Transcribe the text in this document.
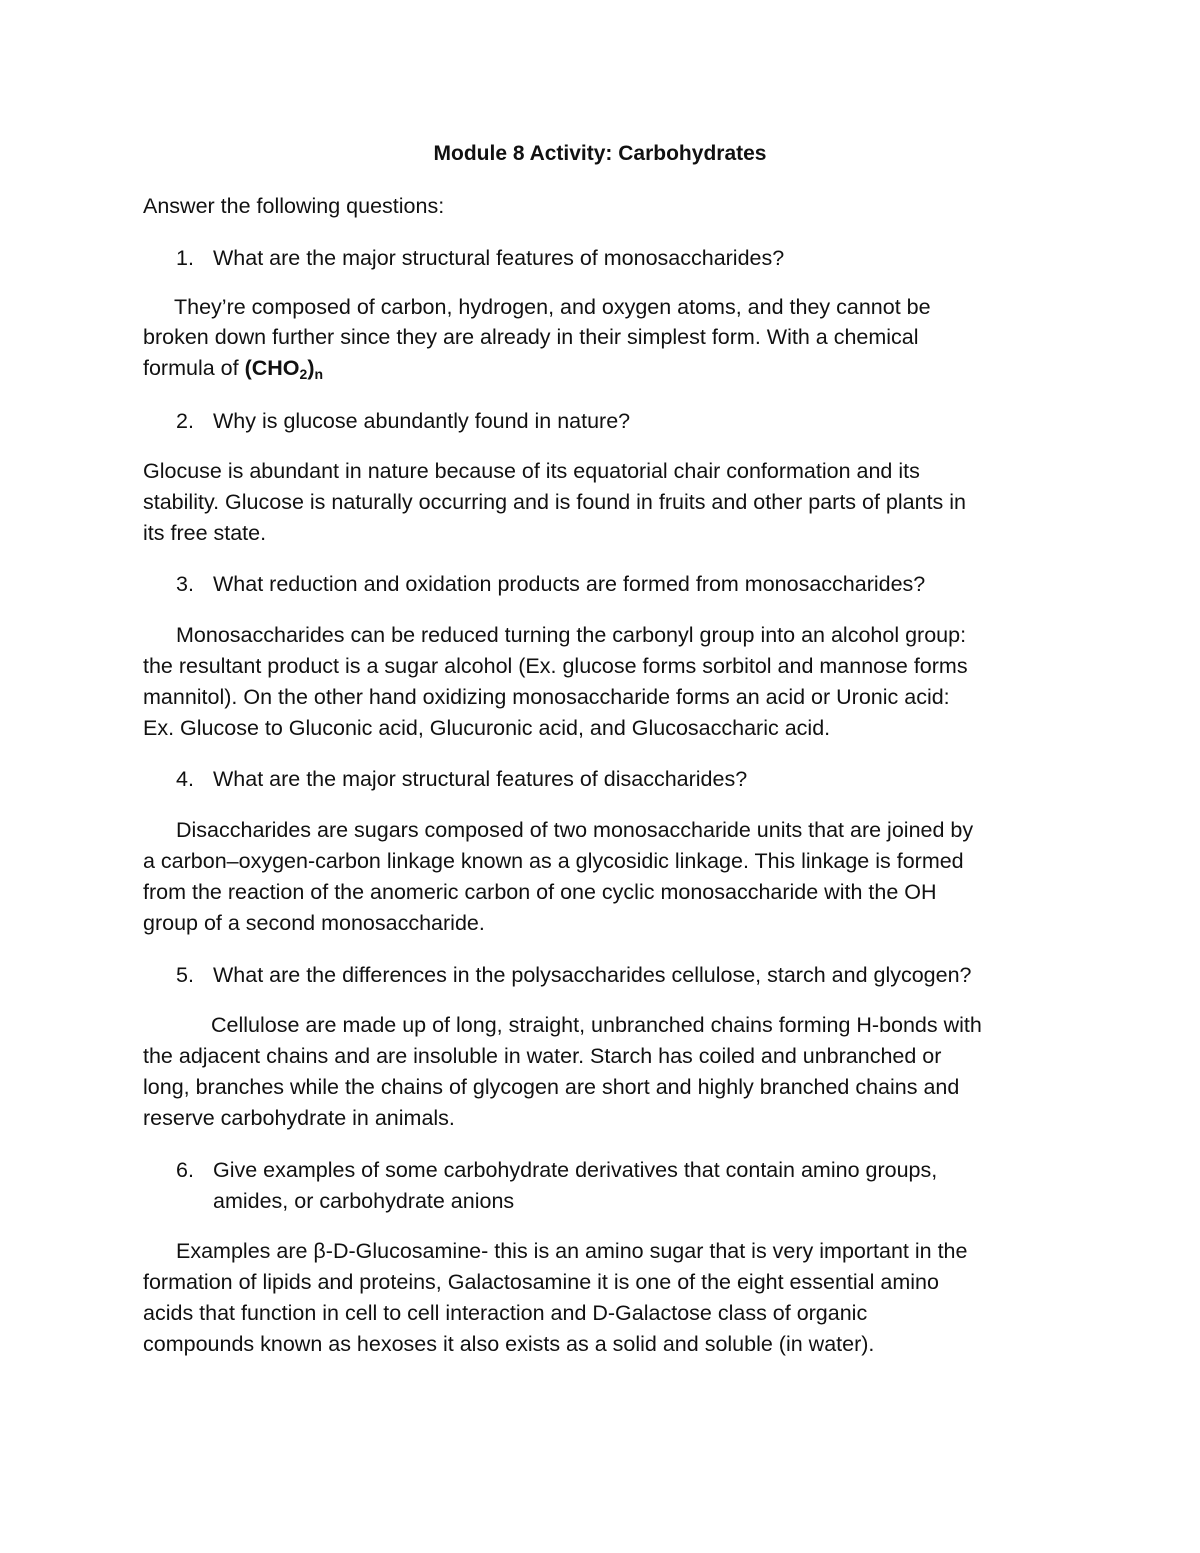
Module 8 Activity: Carbohydrates
Answer the following questions:
1. What are the major structural features of monosaccharides?
They’re composed of carbon, hydrogen, and oxygen atoms, and they cannot be
broken down further since they are already in their simplest form. With a chemical
formula of $(CHO_2)_n$
2. Why is glucose abundantly found in nature?
Glocuse is abundant in nature because of its equatorial chair conformation and its
stability. Glucose is naturally occurring and is found in fruits and other parts of plants in
its free state.
3. What reduction and oxidation products are formed from monosaccharides?
Monosaccharides can be reduced turning the carbonyl group into an alcohol group:
the resultant product is a sugar alcohol (Ex. glucose forms sorbitol and mannose forms
mannitol). On the other hand oxidizing monosaccharide forms an acid or Uronic acid:
Ex. Glucose to Gluconic acid, Glucuronic acid, and Glucosaccharic acid.
4. What are the major structural features of disaccharides?
Disaccharides are sugars composed of two monosaccharide units that are joined by
a carbon–oxygen-carbon linkage known as a glycosidic linkage. This linkage is formed
from the reaction of the anomeric carbon of one cyclic monosaccharide with the OH
group of a second monosaccharide.
5. What are the differences in the polysaccharides cellulose, starch and glycogen?
Cellulose are made up of long, straight, unbranched chains forming H-bonds with
the adjacent chains and are insoluble in water. Starch has coiled and unbranched or
long, branches while the chains of glycogen are short and highly branched chains and
reserve carbohydrate in animals.
6. Give examples of some carbohydrate derivatives that contain amino groups,
amides, or carbohydrate anions
Examples are β-D-Glucosamine- this is an amino sugar that is very important in the
formation of lipids and proteins, Galactosamine it is one of the eight essential amino
acids that function in cell to cell interaction and D-Galactose class of organic
compounds known as hexoses it also exists as a solid and soluble (in water).
